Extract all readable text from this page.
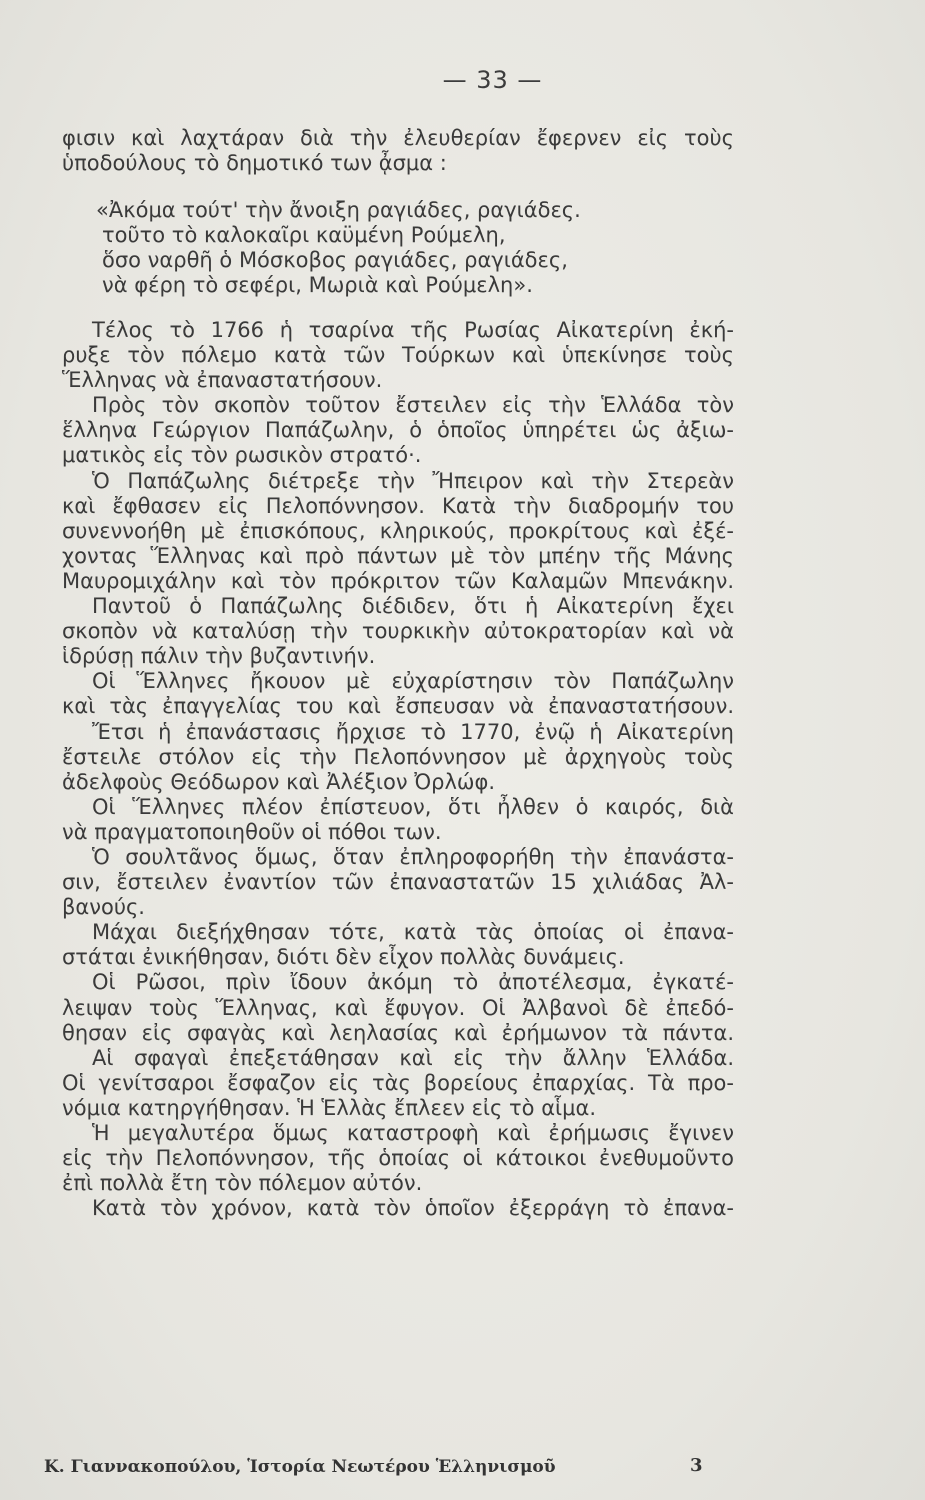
— 33 —
φισιν καὶ λαχτάραν διὰ τὴν ἐλευθερίαν ἔφερνεν εἰς τοὺς
ὑποδούλους τὸ δημοτικό των ᾆσμα :
«Ἀκόμα τούτ' τὴν ἄνοιξη ραγιάδες, ραγιάδες.
τοῦτο τὸ καλοκαῖρι καϋμένη Ρούμελη,
ὅσο ναρθῆ ὁ Μόσκοβος ραγιάδες, ραγιάδες,
νὰ φέρη τὸ σεφέρι, Μωριὰ καὶ Ρούμελη».
Τέλος τὸ 1766 ἡ τσαρίνα τῆς Ρωσίας Αἰκατερίνη ἐκή-
ρυξε τὸν πόλεμο κατὰ τῶν Τούρκων καὶ ὑπεκίνησε τοὺς
Ἕλληνας νὰ ἐπαναστατήσουν.
Πρὸς τὸν σκοπὸν τοῦτον ἔστειλεν εἰς τὴν Ἑλλάδα τὸν
ἕλληνα Γεώργιον Παπάζωλην, ὁ ὁποῖος ὑπηρέτει ὡς ἀξιω-
ματικὸς εἰς τὸν ρωσικὸν στρατό·.
Ὁ Παπάζωλης διέτρεξε τὴν Ἤπειρον καὶ τὴν Στερεὰν
καὶ ἔφθασεν εἰς Πελοπόννησον. Κατὰ τὴν διαδρομήν του
συνεννοήθη μὲ ἐπισκόπους, κληρικούς, προκρίτους καὶ ἐξέ-
χοντας Ἕλληνας καὶ πρὸ πάντων μὲ τὸν μπέην τῆς Μάνης
Μαυρομιχάλην καὶ τὸν πρόκριτον τῶν Καλαμῶν Μπενάκην.
Παντοῦ ὁ Παπάζωλης διέδιδεν, ὅτι ἡ Αἰκατερίνη ἔχει
σκοπὸν νὰ καταλύσῃ τὴν τουρκικὴν αὐτοκρατορίαν καὶ νὰ
ἱδρύσῃ πάλιν τὴν βυζαντινήν.
Οἱ Ἕλληνες ἤκουον μὲ εὐχαρίστησιν τὸν Παπάζωλην
καὶ τὰς ἐπαγγελίας του καὶ ἔσπευσαν νὰ ἐπαναστατήσουν.
Ἔτσι ἡ ἐπανάστασις ἤρχισε τὸ 1770, ἐνῷ ἡ Αἰκατερίνη
ἔστειλε στόλον εἰς τὴν Πελοπόννησον μὲ ἀρχηγοὺς τοὺς
ἀδελφοὺς Θεόδωρον καὶ Ἀλέξιον Ὀρλώφ.
Οἱ Ἕλληνες πλέον ἐπίστευον, ὅτι ἦλθεν ὁ καιρός, διὰ
νὰ πραγματοποιηθοῦν οἱ πόθοι των.
Ὁ σουλτᾶνος ὅμως, ὅταν ἐπληροφορήθη τὴν ἐπανάστα-
σιν, ἔστειλεν ἐναντίον τῶν ἐπαναστατῶν 15 χιλιάδας Ἀλ-
βανούς.
Μάχαι διεξήχθησαν τότε, κατὰ τὰς ὁποίας οἱ ἐπανα-
στάται ἐνικήθησαν, διότι δὲν εἶχον πολλὰς δυνάμεις.
Οἱ Ρῶσοι, πρὶν ἴδουν ἀκόμη τὸ ἀποτέλεσμα, ἐγκατέ-
λειψαν τοὺς Ἕλληνας, καὶ ἔφυγον. Οἱ Ἀλβανοὶ δὲ ἐπεδό-
θησαν εἰς σφαγὰς καὶ λεηλασίας καὶ ἐρήμωνον τὰ πάντα.
Αἱ σφαγαὶ ἐπεξετάθησαν καὶ εἰς τὴν ἄλλην Ἑλλάδα.
Οἱ γενίτσαροι ἔσφαζον εἰς τὰς βορείους ἐπαρχίας. Τὰ προ-
νόμια κατηργήθησαν. Ἡ Ἑλλὰς ἔπλεεν εἰς τὸ αἷμα.
Ἡ μεγαλυτέρα ὅμως καταστροφὴ καὶ ἐρήμωσις ἔγινεν
εἰς τὴν Πελοπόννησον, τῆς ὁποίας οἱ κάτοικοι ἐνεθυμοῦντο
ἐπὶ πολλὰ ἔτη τὸν πόλεμον αὐτόν.
Κατὰ τὸν χρόνον, κατὰ τὸν ὁποῖον ἐξερράγη τὸ ἐπανα-
Κ. Γιαννακοπούλου, Ἱστορία Νεωτέρου Ἑλληνισμοῦ	3
